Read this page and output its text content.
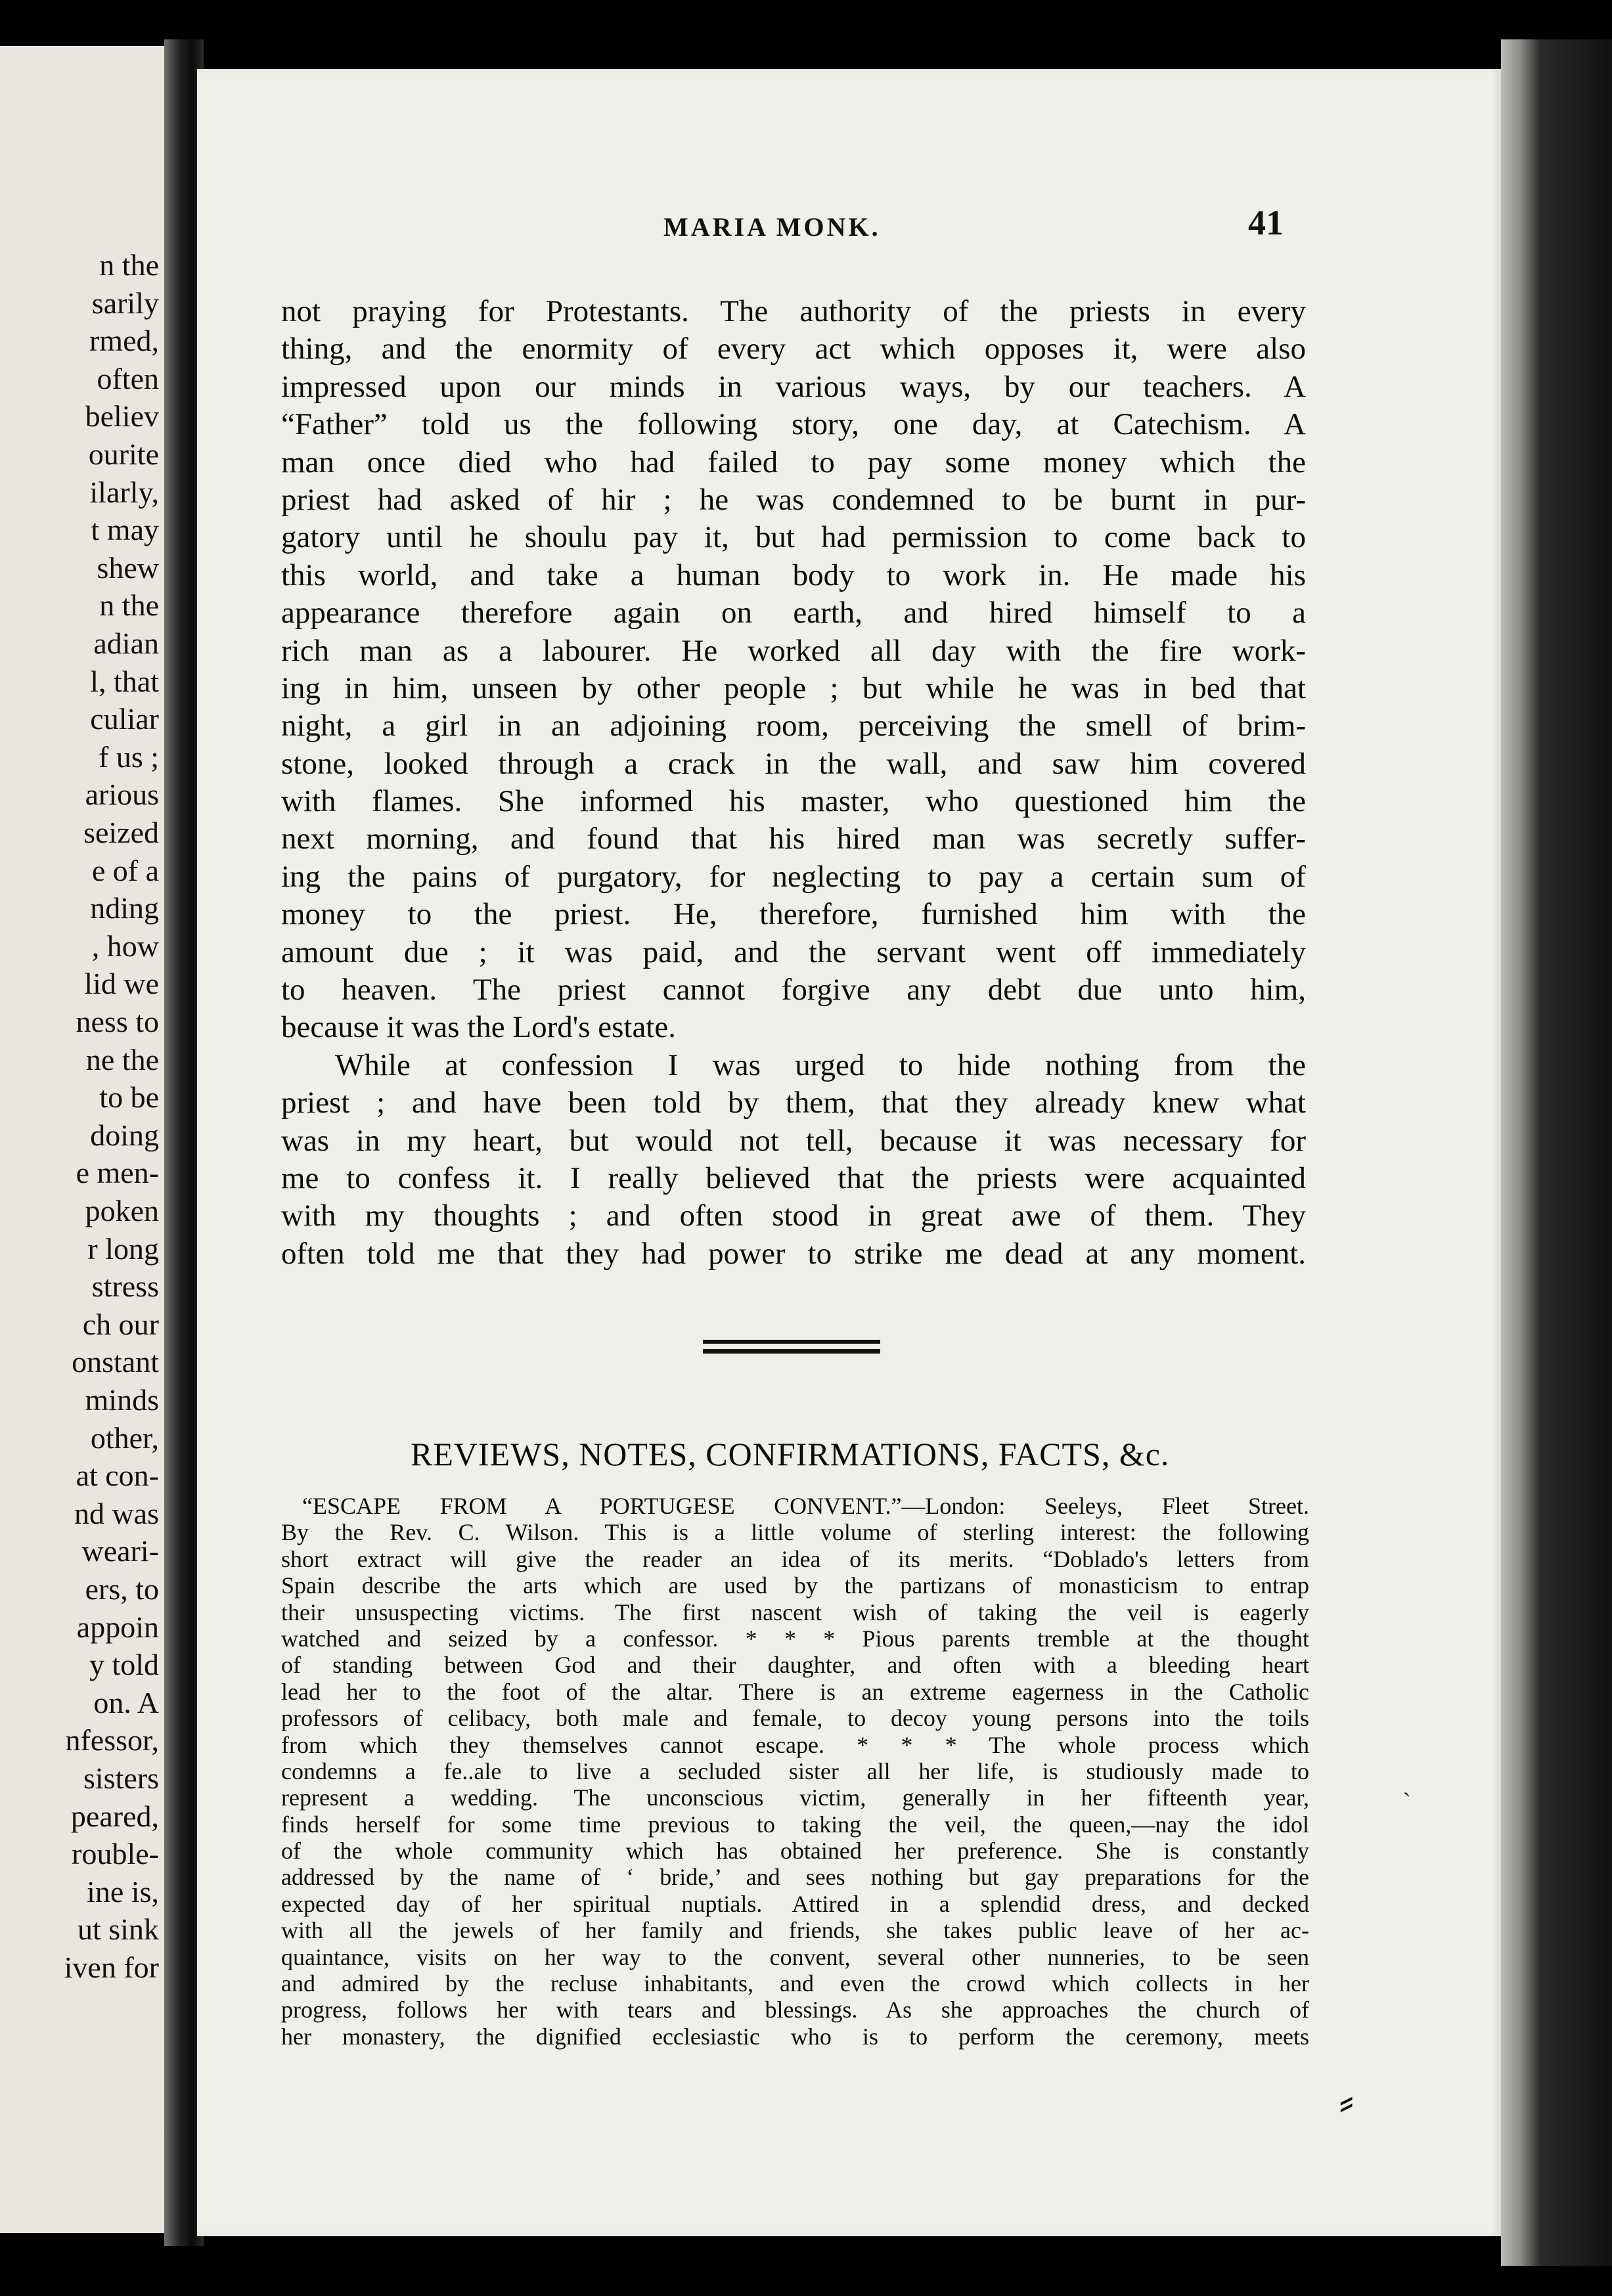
n the
sarily
rmed,
often
believ
ourite
ilarly,
t may
shew
n the
adian
l, that
culiar
f us ;
arious
seized
e of a
nding
, how
lid we
ness to
ne the
to be
doing
e men-
poken
r long
stress
ch our
onstant
minds
other,
at con-
nd was
weari-
ers, to
appoin
y told
on. A
nfessor,
sisters
peared,
rouble-
ine is,
ut sink
iven for
MARIA MONK.	41
not praying for Protestants. The authority of the priests in every
thing, and the enormity of every act which opposes it, were also
impressed upon our minds in various ways, by our teachers. A
“Father” told us the following story, one day, at Catechism. A
man once died who had failed to pay some money which the
priest had asked of hir ; he was condemned to be burnt in pur-
gatory until he shoulu pay it, but had permission to come back to
this world, and take a human body to work in. He made his
appearance therefore again on earth, and hired himself to a
rich man as a labourer. He worked all day with the fire work-
ing in him, unseen by other people ; but while he was in bed that
night, a girl in an adjoining room, perceiving the smell of brim-
stone, looked through a crack in the wall, and saw him covered
with flames. She informed his master, who questioned him the
next morning, and found that his hired man was secretly suffer-
ing the pains of purgatory, for neglecting to pay a certain sum of
money to the priest. He, therefore, furnished him with the
amount due ; it was paid, and the servant went off immediately
to heaven. The priest cannot forgive any debt due unto him,
because it was the Lord's estate.
While at confession I was urged to hide nothing from the
priest ; and have been told by them, that they already knew what
was in my heart, but would not tell, because it was necessary for
me to confess it. I really believed that the priests were acquainted
with my thoughts ; and often stood in great awe of them. They
often told me that they had power to strike me dead at any moment.
REVIEWS, NOTES, CONFIRMATIONS, FACTS, &c.
“ESCAPE FROM A PORTUGESE CONVENT.”—London: Seeleys, Fleet Street.
By the Rev. C. Wilson. This is a little volume of sterling interest: the following
short extract will give the reader an idea of its merits. “Doblado's letters from
Spain describe the arts which are used by the partizans of monasticism to entrap
their unsuspecting victims. The first nascent wish of taking the veil is eagerly
watched and seized by a confessor. * * * Pious parents tremble at the thought
of standing between God and their daughter, and often with a bleeding heart
lead her to the foot of the altar. There is an extreme eagerness in the Catholic
professors of celibacy, both male and female, to decoy young persons into the toils
from which they themselves cannot escape. * * * The whole process which
condemns a fe..ale to live a secluded sister all her life, is studiously made to
represent a wedding. The unconscious victim, generally in her fifteenth year,
finds herself for some time previous to taking the veil, the queen,—nay the idol
of the whole community which has obtained her preference. She is constantly
addressed by the name of ‘ bride,’ and sees nothing but gay preparations for the
expected day of her spiritual nuptials. Attired in a splendid dress, and decked
with all the jewels of her family and friends, she takes public leave of her ac-
quaintance, visits on her way to the convent, several other nunneries, to be seen
and admired by the recluse inhabitants, and even the crowd which collects in her
progress, follows her with tears and blessings. As she approaches the church of
her monastery, the dignified ecclesiastic who is to perform the ceremony, meets
ˎ
⸗
